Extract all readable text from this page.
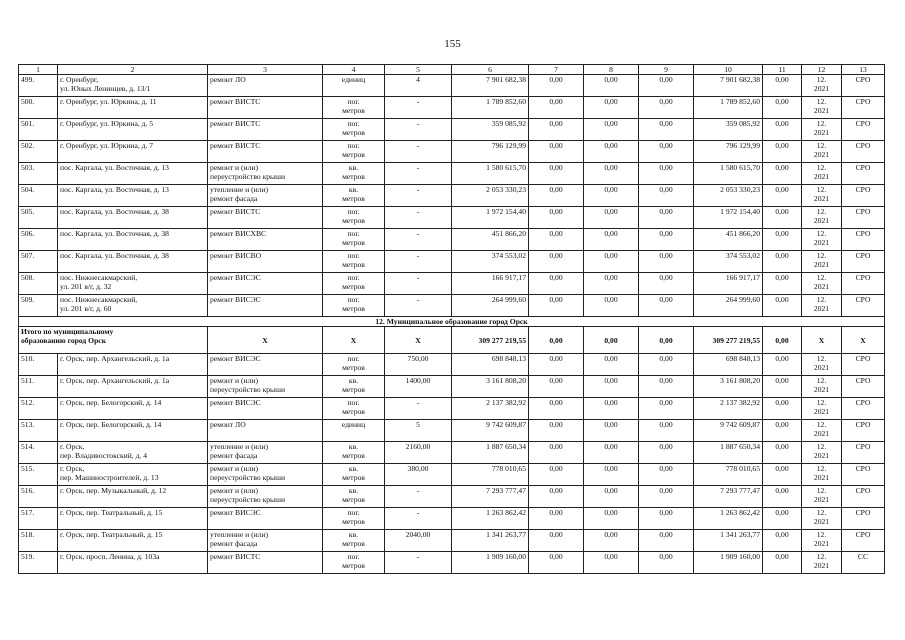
155
1	2	3	4	5	6	7	8	9	10	11	12	13
499.	г. Оренбург,
ул. Юных Ленинцев, д. 13/1	ремонт ЛО	единиц	4	7 901 682,38	0,00	0,00	0,00	7 901 682,38	0,00	12.
2021	СРО
500.	г. Оренбург, ул. Юркина, д. 11	ремонт ВИСТС	пог.
метров	-	1 789 852,60	0,00	0,00	0,00	1 789 852,60	0,00	12.
2021	СРО
501.	г. Оренбург, ул. Юркина, д. 5	ремонт ВИСТС	пог.
метров	-	359 085,92	0,00	0,00	0,00	359 085,92	0,00	12.
2021	СРО
502.	г. Оренбург, ул. Юркина, д. 7	ремонт ВИСТС	пог.
метров	-	796 129,99	0,00	0,00	0,00	796 129,99	0,00	12.
2021	СРО
503.	пос. Каргала, ул. Восточная, д. 13	ремонт и (или)
переустройство крыши	кв.
метров	-	1 580 615,70	0,00	0,00	0,00	1 580 615,70	0,00	12.
2021	СРО
504.	пос. Каргала, ул. Восточная, д. 13	утепление и (или)
ремонт фасада	кв.
метров	-	2 053 330,23	0,00	0,00	0,00	2 053 330,23	0,00	12.
2021	СРО
505.	пос. Каргала, ул. Восточная, д. 38	ремонт ВИСТС	пог.
метров	-	1 972 154,40	0,00	0,00	0,00	1 972 154,40	0,00	12.
2021	СРО
506.	пос. Каргала, ул. Восточная, д. 38	ремонт ВИСХВС	пог.
метров	-	451 866,20	0,00	0,00	0,00	451 866,20	0,00	12.
2021	СРО
507.	пос. Каргала, ул. Восточная, д. 38	ремонт ВИСВО	пог.
метров	-	374 553,02	0,00	0,00	0,00	374 553,02	0,00	12.
2021	СРО
508.	пос. Нижнесакмарский,
ул. 201 в/г, д. 32	ремонт ВИСЭС	пог.
метров	-	166 917,17	0,00	0,00	0,00	166 917,17	0,00	12.
2021	СРО
509.	пос. Нижнесакмарский,
ул. 201 в/г, д. 60	ремонт ВИСЭС	пог.
метров	-	264 999,60	0,00	0,00	0,00	264 999,60	0,00	12.
2021	СРО
12. Муниципальное образование город Орск												

Итого по муниципальному
образованию город Орск		X	X	X	309 277 219,55	0,00	0,00	0,00	309 277 219,55	0,00	X	X
510.	г. Орск, пер. Архангельский, д. 1а	ремонт ВИСЭС	пог.
метров	750,00	698 848,13	0,00	0,00	0,00	698 848,13	0,00	12.
2021	СРО
511.	г. Орск, пер. Архангельский, д. 1а	ремонт и (или)
переустройство крыши	кв.
метров	1400,00	3 161 808,20	0,00	0,00	0,00	3 161 808,20	0,00	12.
2021	СРО
512.	г. Орск, пер. Белогорский, д. 14	ремонт ВИСЭС	пог.
метров	-	2 137 382,92	0,00	0,00	0,00	2 137 382,92	0,00	12.
2021	СРО
513.	г. Орск, пер. Белогорский, д. 14	ремонт ЛО	единиц	5	9 742 609,87	0,00	0,00	0,00	9 742 609,87	0,00	12.
2021	СРО
514.	г. Орск,
пер. Владивостокский, д. 4	утепление и (или)
ремонт фасада	кв.
метров	2160,00	1 887 650,34	0,00	0,00	0,00	1 887 650,34	0,00	12.
2021	СРО
515.	г. Орск,
пер. Машиностроителей, д. 13	ремонт и (или)
переустройство крыши	кв.
метров	380,00	778 010,65	0,00	0,00	0,00	778 010,65	0,00	12.
2021	СРО
516.	г. Орск, пер. Музыкальный, д. 12	ремонт и (или)
переустройство крыши	кв.
метров	-	7 293 777,47	0,00	0,00	0,00	7 293 777,47	0,00	12.
2021	СРО
517.	г. Орск, пер. Театральный, д. 15	ремонт ВИСЭС	пог.
метров	-	1 263 862,42	0,00	0,00	0,00	1 263 862,42	0,00	12.
2021	СРО
518.	г. Орск, пер. Театральный, д. 15	утепление и (или)
ремонт фасада	кв.
метров	2040,00	1 341 263,77	0,00	0,00	0,00	1 341 263,77	0,00	12.
2021	СРО
519.	г. Орск, просп. Ленина, д. 103а	ремонт ВИСТС	пог.
метров	-	1 909 160,00	0,00	0,00	0,00	1 909 160,00	0,00	12.
2021	СС
